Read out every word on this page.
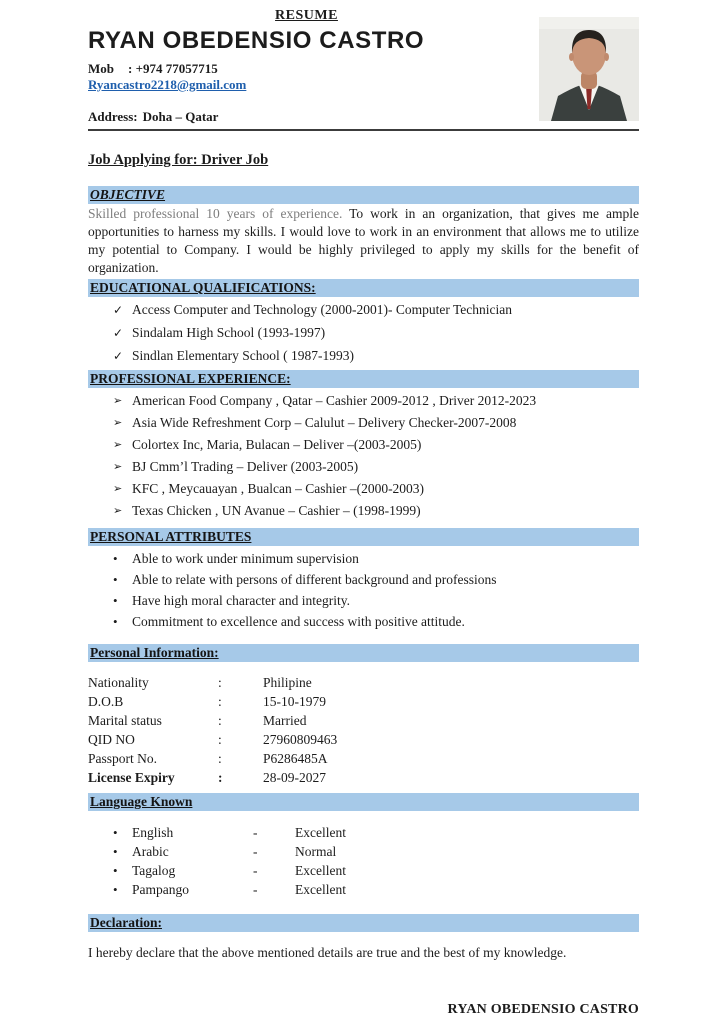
RESUME
RYAN OBEDENSIO CASTRO
Mob : +974 77057715
Ryancastro2218@gmail.com
Address: Doha – Qatar
Job Applying for: Driver Job
OBJECTIVE

Skilled professional 10 years of experience. To work in an organization, that gives me ample opportunities to harness my skills. I would love to work in an environment that allows me to utilize my potential to Company. I would be highly privileged to apply my skills for the benefit of organization.

EDUCATIONAL QUALIFICATIONS:
✓ Access Computer and Technology (2000-2001)- Computer Technician
✓ Sindalam High School (1993-1997)
✓ Sindlan Elementary School ( 1987-1993)
PROFESSIONAL EXPERIENCE:
➢ American Food Company , Qatar – Cashier 2009-2012 , Driver 2012-2023
➢ Asia Wide Refreshment Corp – Calulut – Delivery Checker-2007-2008
➢ Colortex Inc, Maria, Bulacan – Deliver –(2003-2005)
➢ BJ Cmm’l Trading – Deliver (2003-2005)
➢ KFC , Meycauayan , Bualcan – Cashier –(2000-2003)
➢ Texas Chicken , UN Avanue – Cashier – (1998-1999)
PERSONAL ATTRIBUTES
•	Able to work under minimum supervision
•	Able to relate with persons of different background and professions
•	Have high moral character and integrity.
•	Commitment to excellence and success with positive attitude.
Personal Information:
Nationality	:	Philipine
D.O.B	:	15-10-1979
Marital status	:	Married
QID NO	:	27960809463
Passport No.	:	P6286485A
License Expiry	:	28-09-2027
Language Known
•	English	-	Excellent
•	Arabic	-	Normal
•	Tagalog	-	Excellent
•	Pampango	-	Excellent
Declaration:

I hereby declare that the above mentioned details are true and the best of my knowledge.

RYAN OBEDENSIO CASTRO
